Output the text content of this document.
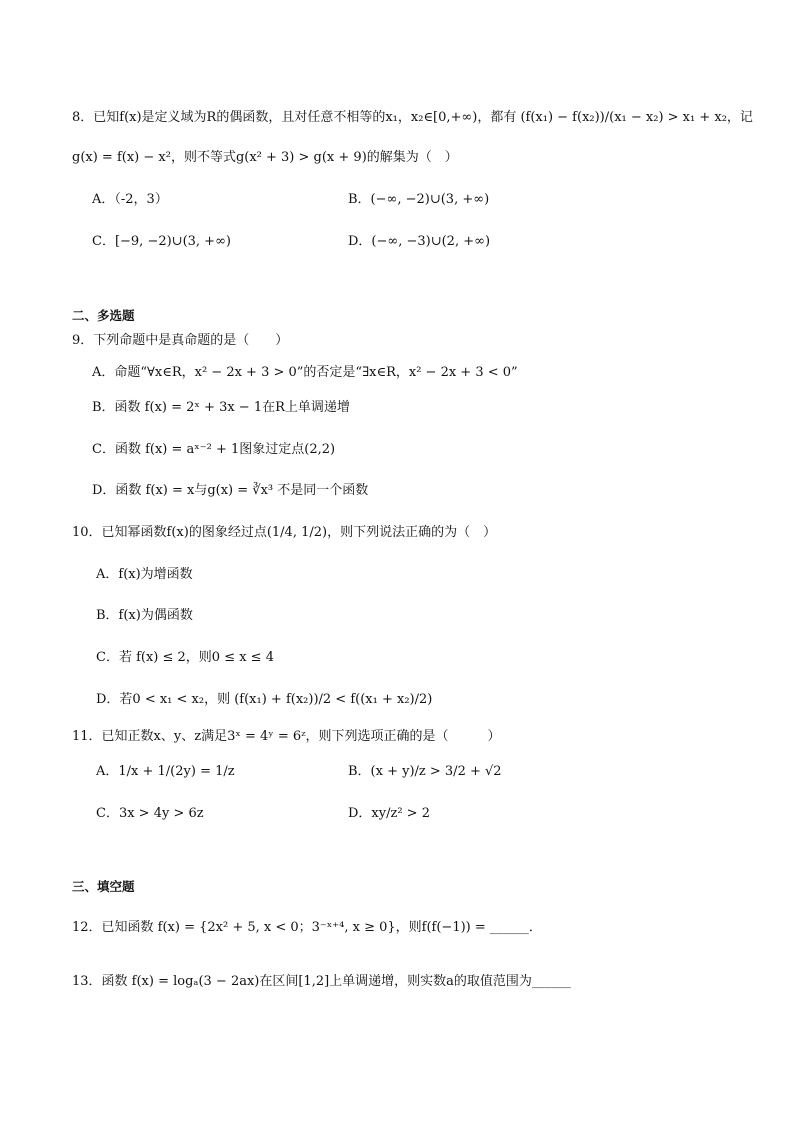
8．已知f(x)是定义域为R的偶函数，且对任意不相等的x₁，x₂∈[0,+∞)，都有 (f(x₁) − f(x₂))/(x₁ − x₂) > x₁ + x₂，记
g(x) = f(x) − x²，则不等式g(x² + 3) > g(x + 9)的解集为（　）
A．（-2，3）	B．(−∞, −2)∪(3, +∞)
C．[−9, −2)∪(3, +∞)	D．(−∞, −3)∪(2, +∞)
二、多选题
9．下列命题中是真命题的是（　　）
A．命题“∀x∈R，x² − 2x + 3 > 0”的否定是“∃x∈R，x² − 2x + 3 < 0”
B．函数 f(x) = 2ˣ + 3x − 1在R上单调递增
C．函数 f(x) = aˣ⁻² + 1图象过定点(2,2)
D．函数 f(x) = x与g(x) = ∛x³ 不是同一个函数
10．已知幂函数f(x)的图象经过点(1/4, 1/2)，则下列说法正确的为（　）
A．f(x)为增函数
B．f(x)为偶函数
C．若 f(x) ≤ 2，则0 ≤ x ≤ 4
D．若0 < x₁ < x₂，则 (f(x₁) + f(x₂))/2 < f((x₁ + x₂)/2)
11．已知正数x、y、z满足3ˣ = 4ʸ = 6ᶻ，则下列选项正确的是（　　　）
A．1/x + 1/(2y) = 1/z	B．(x + y)/z > 3/2 + √2
C．3x > 4y > 6z	D．xy/z² > 2
三、填空题
12．已知函数 f(x) = {2x² + 5, x < 0；3⁻ˣ⁺⁴, x ≥ 0}，则f(f(−1)) = ______．
13．函数 f(x) = logₐ(3 − 2ax)在区间[1,2]上单调递增，则实数a的取值范围为______
